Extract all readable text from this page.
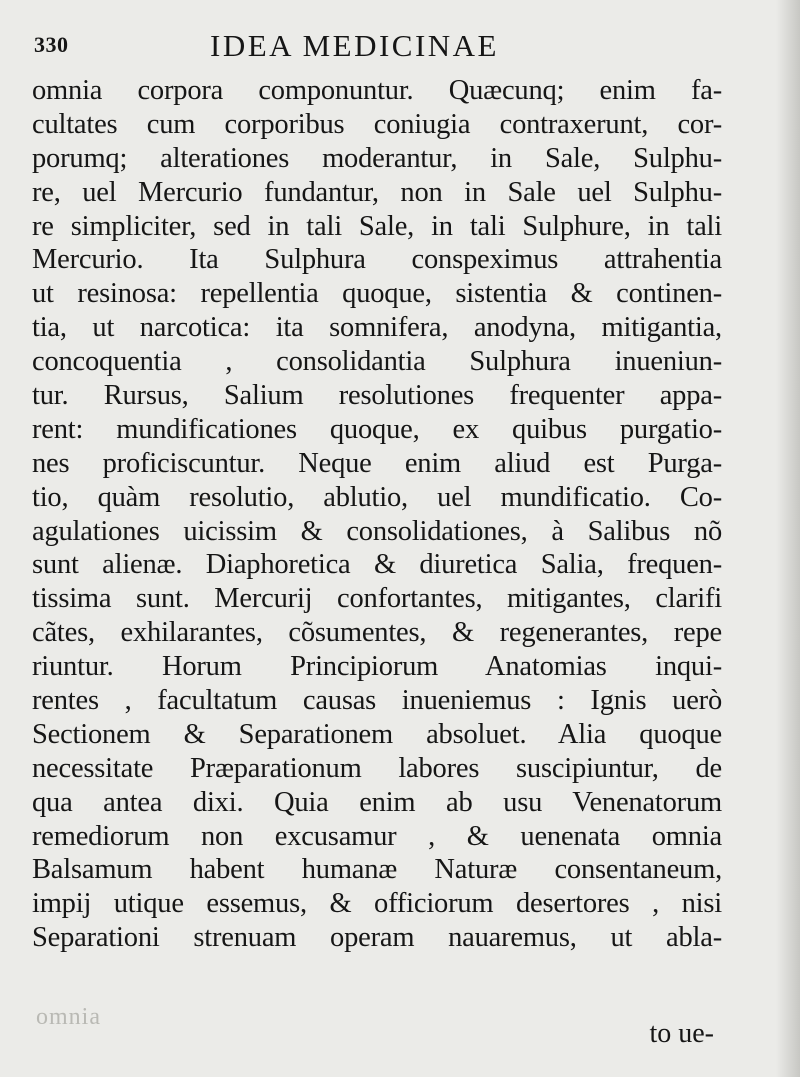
330	IDEA MEDICINAE
omnia corpora componuntur. Quæcunq; enim fa-
cultates cum corporibus coniugia contraxerunt, cor-
porumq; alterationes moderantur, in Sale, Sulphu-
re, uel Mercurio fundantur, non in Sale uel Sulphu-
re simpliciter, sed in tali Sale, in tali Sulphure, in tali
Mercurio. Ita Sulphura conspeximus attrahentia
ut resinosa: repellentia quoque, sistentia & continen-
tia, ut narcotica: ita somnifera, anodyna, mitigantia,
concoquentia , consolidantia Sulphura inueniun-
tur. Rursus, Salium resolutiones frequenter appa-
rent: mundificationes quoque, ex quibus purgatio-
nes proficiscuntur. Neque enim aliud est Purga-
tio, quàm resolutio, ablutio, uel mundificatio. Co-
agulationes uicissim & consolidationes, à Salibus nõ
sunt alienæ. Diaphoretica & diuretica Salia, frequen-
tissima sunt. Mercurij confortantes, mitigantes, clarifi
cãtes, exhilarantes, cõsumentes, & regenerantes, repe
riuntur. Horum Principiorum Anatomias inqui-
rentes , facultatum causas inueniemus : Ignis uerò
Sectionem & Separationem absoluet. Alia quoque
necessitate Præparationum labores suscipiuntur, de
qua antea dixi. Quia enim ab usu Venenatorum
remediorum non excusamur , & uenenata omnia
Balsamum habent humanæ Naturæ consentaneum,
impij utique essemus, & officiorum desertores , nisi
Separationi strenuam operam nauaremus, ut abla-
omnia
to ue-
